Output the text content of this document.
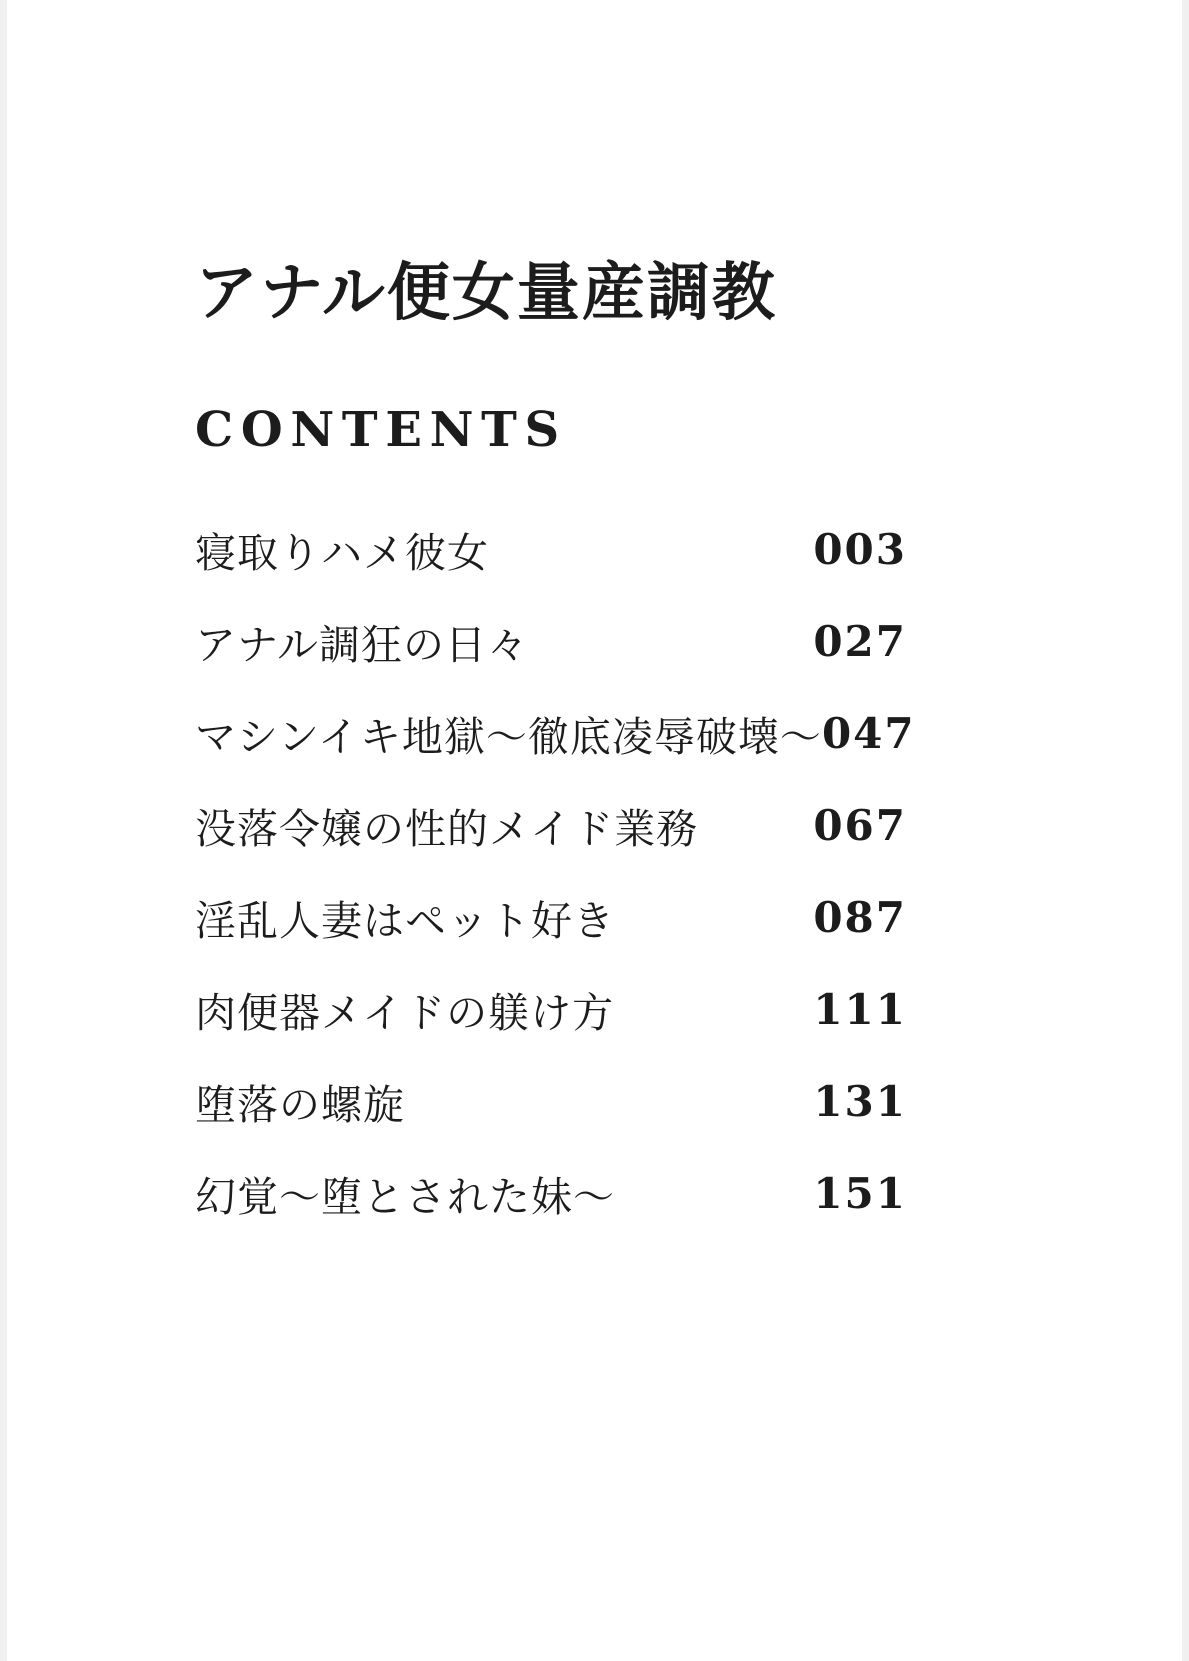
アナル便女量産調教
CONTENTS
寝取りハメ彼女	003
アナル調狂の日々	027
マシンイキ地獄〜徹底凌辱破壊〜 047
没落令嬢の性的メイド業務	067
淫乱人妻はペット好き	087
肉便器メイドの躾け方	111
堕落の螺旋	131
幻覚〜堕とされた妹〜	151
